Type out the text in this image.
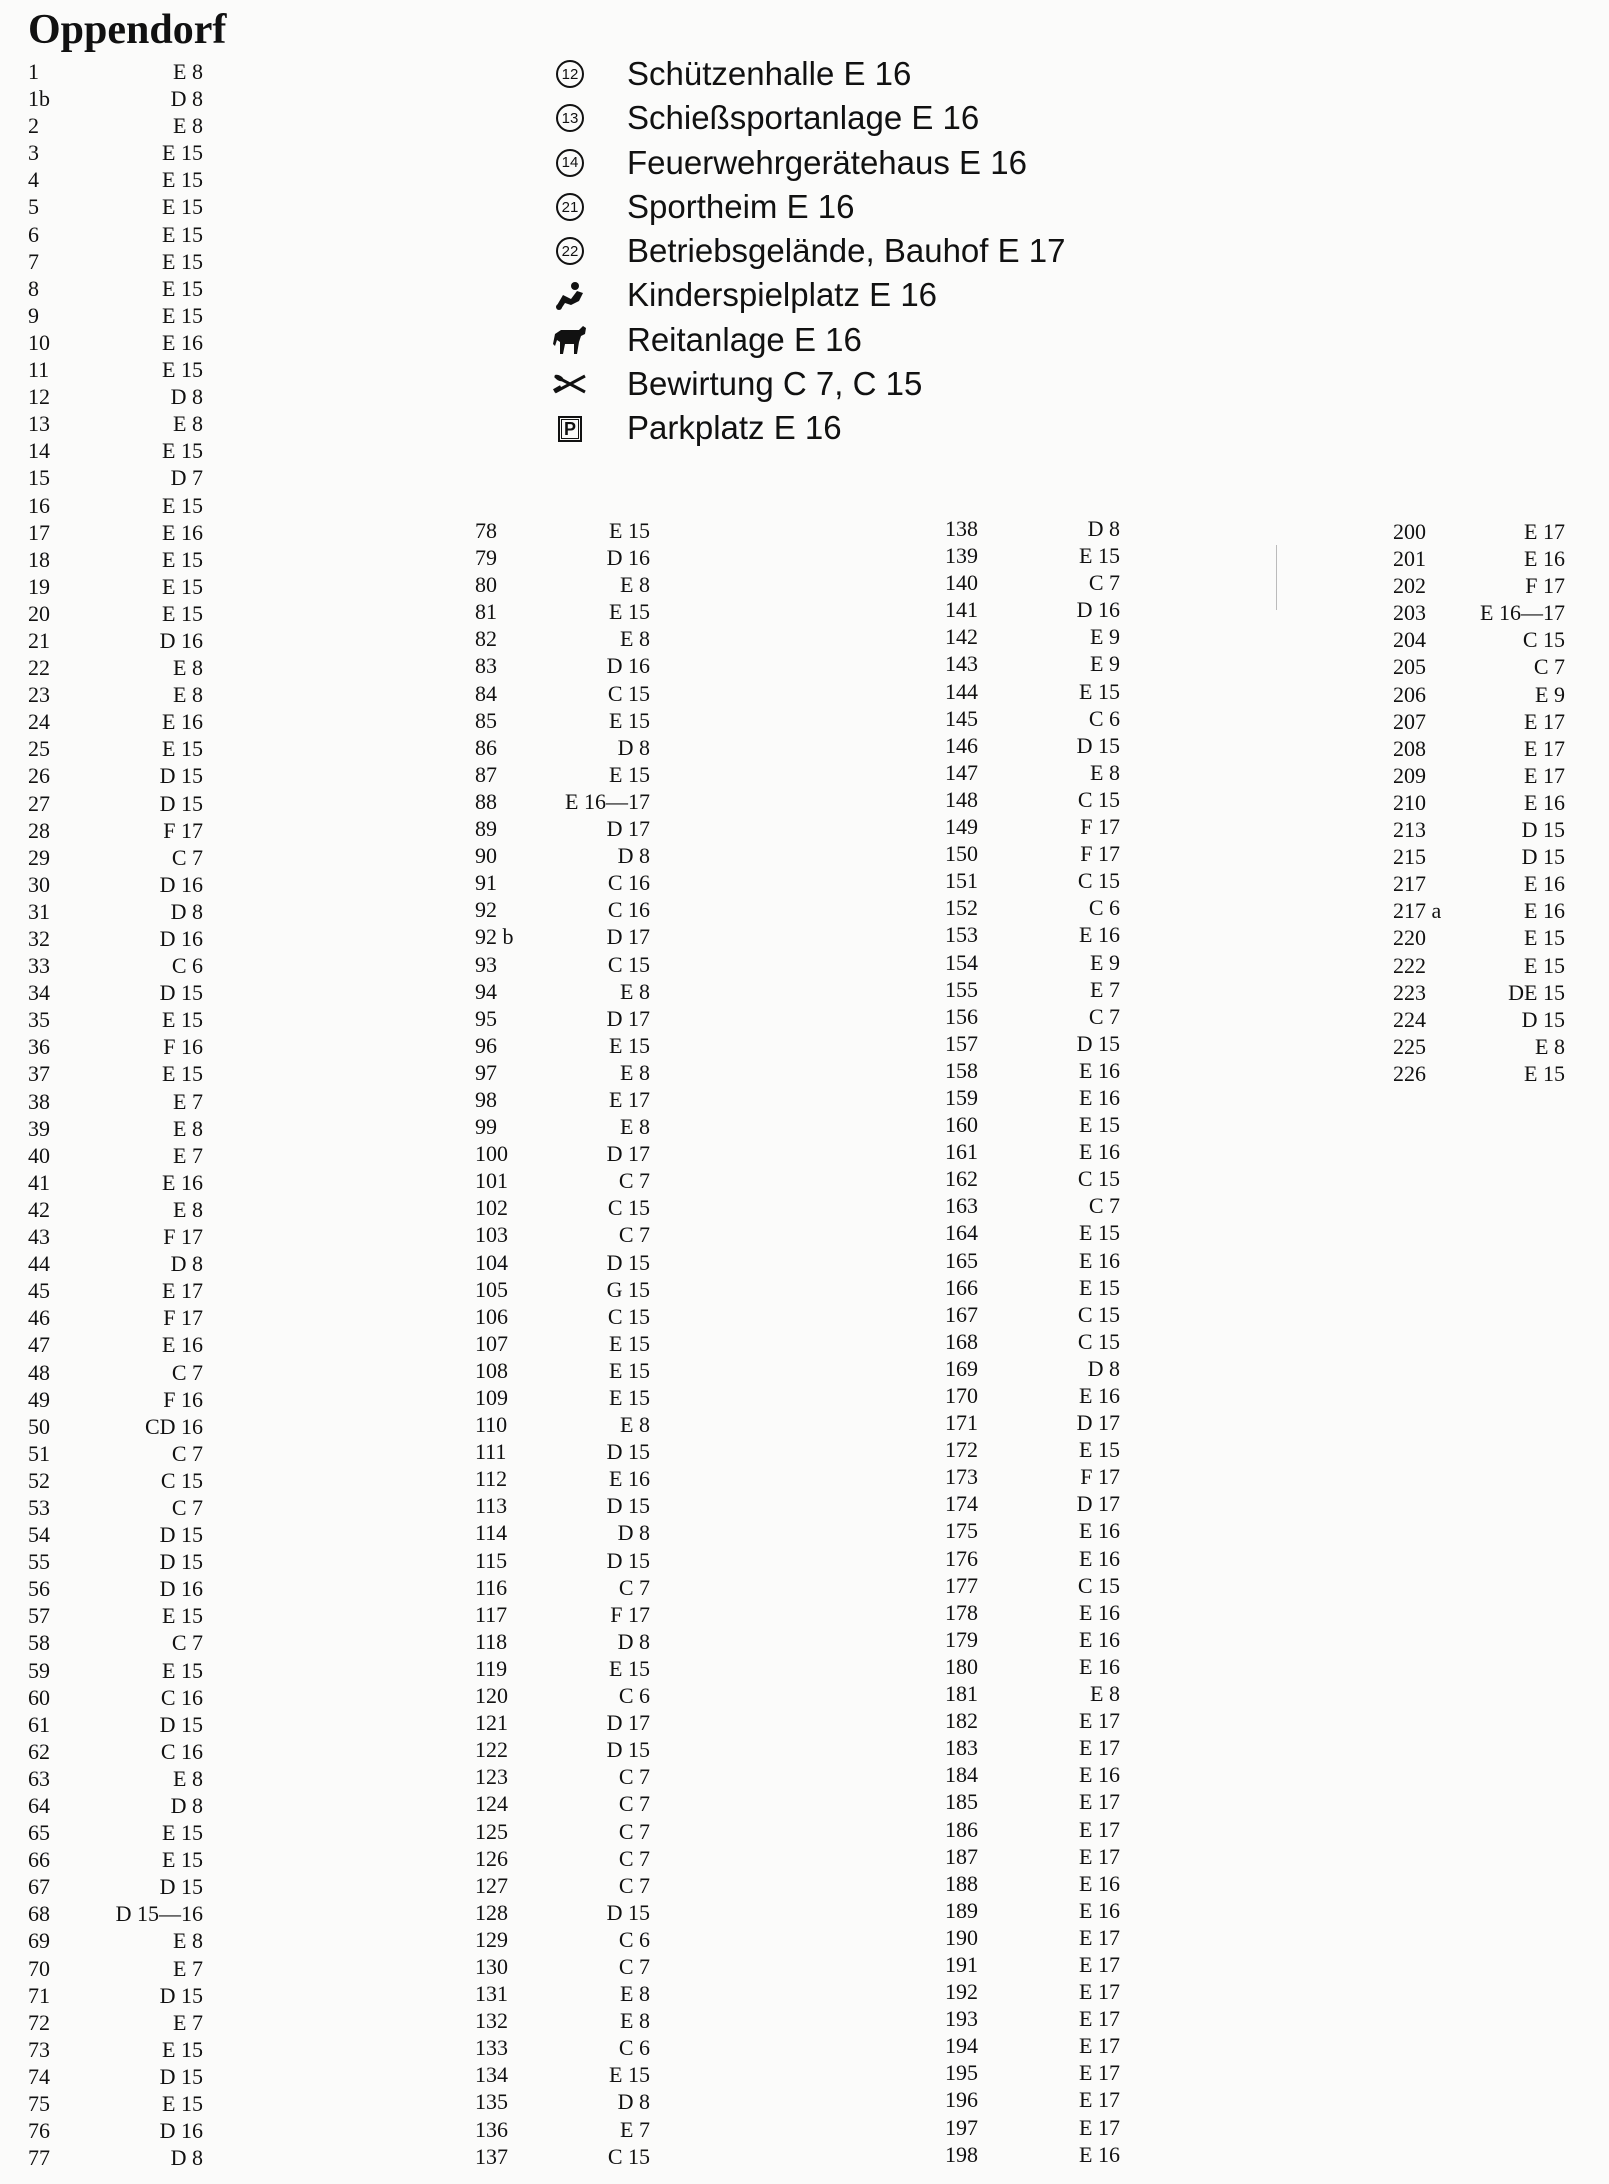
Oppendorf
12 Schützenhalle E 16
13 Schießsportanlage E 16
14 Feuerwehrgerätehaus E 16
21 Sportheim E 16
22 Betriebsgelände, Bauhof E 17
Kinderspielplatz E 16
Reitanlage E 16
Bewirtung C 7, C 15
P Parkplatz E 16
1	E 8
1b	D 8
2	E 8
3	E 15
4	E 15
5	E 15
6	E 15
7	E 15
8	E 15
9	E 15
10	E 16
11	E 15
12	D 8
13	E 8
14	E 15
15	D 7
16	E 15
17	E 16
18	E 15
19	E 15
20	E 15
21	D 16
22	E 8
23	E 8
24	E 16
25	E 15
26	D 15
27	D 15
28	F 17
29	C 7
30	D 16
31	D 8
32	D 16
33	C 6
34	D 15
35	E 15
36	F 16
37	E 15
38	E 7
39	E 8
40	E 7
41	E 16
42	E 8
43	F 17
44	D 8
45	E 17
46	F 17
47	E 16
48	C 7
49	F 16
50	CD 16
51	C 7
52	C 15
53	C 7
54	D 15
55	D 15
56	D 16
57	E 15
58	C 7
59	E 15
60	C 16
61	D 15
62	C 16
63	E 8
64	D 8
65	E 15
66	E 15
67	D 15
68	D 15—16
69	E 8
70	E 7
71	D 15
72	E 7
73	E 15
74	D 15
75	E 15
76	D 16
77	D 8
78	E 15
79	D 16
80	E 8
81	E 15
82	E 8
83	D 16
84	C 15
85	E 15
86	D 8
87	E 15
88	E 16—17
89	D 17
90	D 8
91	C 16
92	C 16
92 b	D 17
93	C 15
94	E 8
95	D 17
96	E 15
97	E 8
98	E 17
99	E 8
100	D 17
101	C 7
102	C 15
103	C 7
104	D 15
105	G 15
106	C 15
107	E 15
108	E 15
109	E 15
110	E 8
111	D 15
112	E 16
113	D 15
114	D 8
115	D 15
116	C 7
117	F 17
118	D 8
119	E 15
120	C 6
121	D 17
122	D 15
123	C 7
124	C 7
125	C 7
126	C 7
127	C 7
128	D 15
129	C 6
130	C 7
131	E 8
132	E 8
133	C 6
134	E 15
135	D 8
136	E 7
137	C 15
138	D 8
139	E 15
140	C 7
141	D 16
142	E 9
143	E 9
144	E 15
145	C 6
146	D 15
147	E 8
148	C 15
149	F 17
150	F 17
151	C 15
152	C 6
153	E 16
154	E 9
155	E 7
156	C 7
157	D 15
158	E 16
159	E 16
160	E 15
161	E 16
162	C 15
163	C 7
164	E 15
165	E 16
166	E 15
167	C 15
168	C 15
169	D 8
170	E 16
171	D 17
172	E 15
173	F 17
174	D 17
175	E 16
176	E 16
177	C 15
178	E 16
179	E 16
180	E 16
181	E 8
182	E 17
183	E 17
184	E 16
185	E 17
186	E 17
187	E 17
188	E 16
189	E 16
190	E 17
191	E 17
192	E 17
193	E 17
194	E 17
195	E 17
196	E 17
197	E 17
198	E 16
200	E 17
201	E 16
202	F 17
203 E 16—17
204	C 15
205	C 7
206	E 9
207	E 17
208	E 17
209	E 17
210	E 16
213	D 15
215	D 15
217	E 16
217 a	E 16
220	E 15
222	E 15
223	DE 15
224	D 15
225	E 8
226	E 15
